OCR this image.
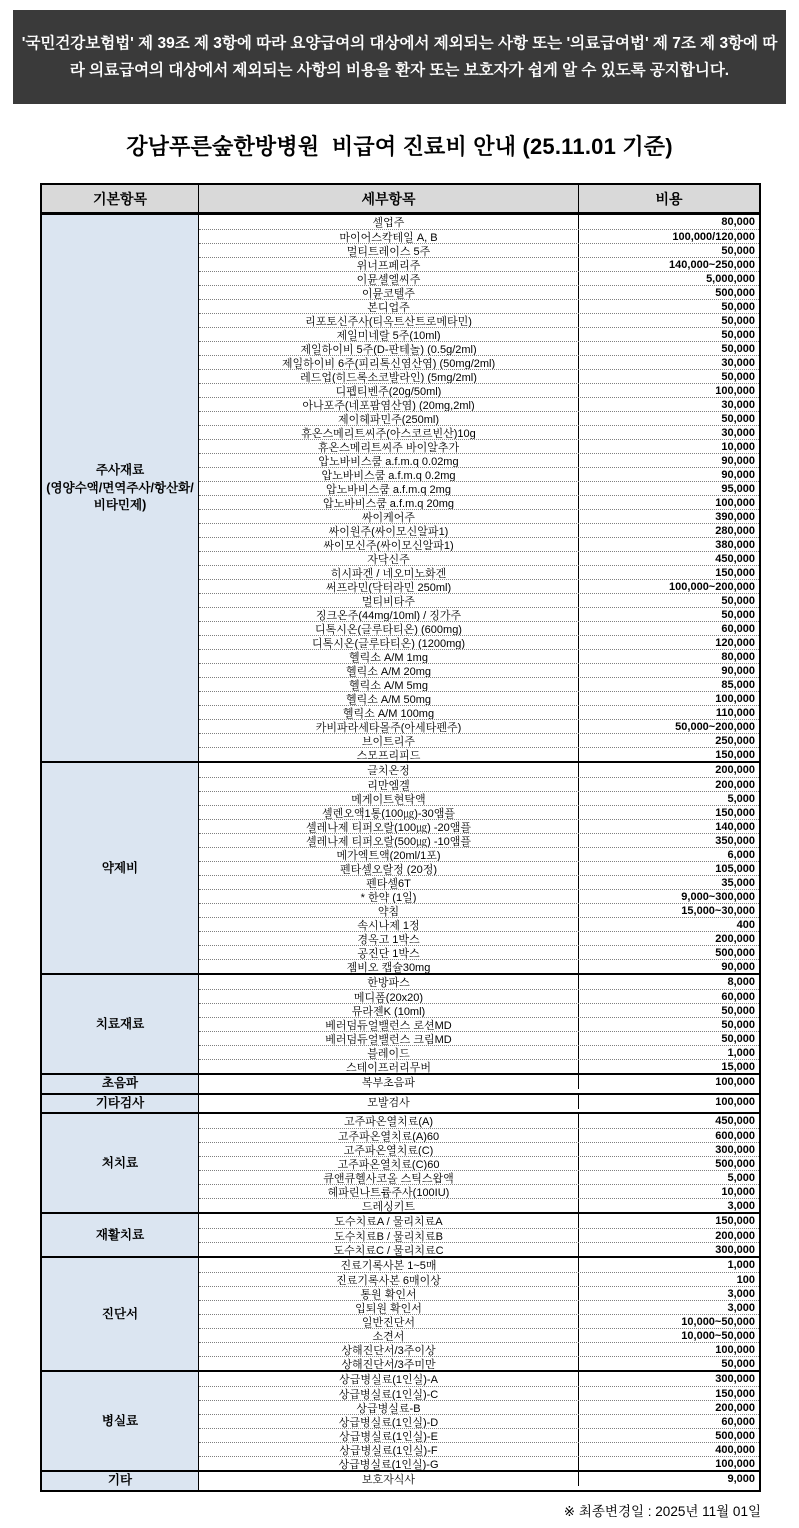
'국민건강보험법' 제 39조 제 3항에 따라 요양급여의 대상에서 제외되는 사항 또는 '의료급여법' 제 7조 제 3항에 따라 의료급여의 대상에서 제외되는 사항의 비용을 환자 또는 보호자가 쉽게 알 수 있도록 공지합니다.
강남푸른숲한방병원  비급여 진료비 안내 (25.11.01 기준)
기본항목	세부항목	비용
주사재료
(영양수액/면역주사/항산화/비타민제)
셀업주	80,000
마이어스칵테일 A, B	100,000/120,000
멀티트레이스 5주	50,000
위너프페리주	140,000~250,000
이뮨셀엘씨주	5,000,000
이뮨코텔주	500,000
본디업주	50,000
리포토신주사(티옥트산트로메타민)	50,000
제일미네랄 5주(10ml)	50,000
제일하이비 5주(D-판테놀) (0.5g/2ml)	50,000
제일하이비 6주(피리톡신염산염) (50mg/2ml)	30,000
레드업(히드록소코발라인) (5mg/2ml)	50,000
디펩티벤주(20g/50ml)	100,000
아나포주(네포팜염산염) (20mg,2ml)	30,000
제이헤파민주(250ml)	50,000
휴온스메리트씨주(아스코르빈산)10g	30,000
휴온스메리트씨주 바이알추가	10,000
압노바비스쿰 a.f.m.q 0.02mg	90,000
압노바비스쿰 a.f.m.q 0.2mg	90,000
압노바비스쿰 a.f.m.q 2mg	95,000
압노바비스쿰 a.f.m.q 20mg	100,000
싸이케어주	390,000
싸이원주(싸이모신알파1)	280,000
싸이모신주(싸이모신알파1)	380,000
자닥신주	450,000
히시파겐 / 네오미노화겐	150,000
써프라민(닥터라민 250ml)	100,000~200,000
멀티비타주	50,000
징크온주(44mg/10ml) / 징가주	50,000
디톡시온(글루타티온) (600mg)	60,000
디톡시온(글루타티온) (1200mg)	120,000
헬릭소 A/M 1mg	80,000
헬릭소 A/M 20mg	90,000
헬릭소 A/M 5mg	85,000
헬릭소 A/M 50mg	100,000
헬릭소 A/M 100mg	110,000
카비파라세타몰주(아세타펜주)	50,000~200,000
브이트리주	250,000
스모프리피드	150,000
약제비
글치온정	200,000
리만엠겔	200,000
메게이트현탁액	5,000
셀렌오액1통(100㎍)-30앰플	150,000
셀레나제 티퍼오랄(100㎍) -20앰플	140,000
셀레나제 티퍼오랄(500㎍) -10앰플	350,000
메가엑트액(20ml/1포)	6,000
펜타셀오랄정 (20정)	105,000
펜타셀6T	35,000
* 한약 (1일)	9,000~300,000
약침	15,000~30,000
속시나제 1정	400
경옥고 1박스	200,000
공진단 1박스	500,000
젬비오 캡슐30mg	90,000
치료재료
한방파스	8,000
메디폼(20x20)	60,000
뮤라젠K (10ml)	50,000
베러덤듀얼밸런스 로션MD	50,000
베러덤듀얼밸런스 크림MD	50,000
블레이드	1,000
스테이프러리무버	15,000
초음파	복부초음파	100,000
기타검사	모발검사	100,000
처치료
고주파온열치료(A)	450,000
고주파온열치료(A)60	600,000
고주파온열치료(C)	300,000
고주파온열치료(C)60	500,000
큐앤큐헬사코올 스틱스왑액	5,000
헤파린나트륨주사(100IU)	10,000
드레싱키트	3,000
재활치료
도수치료A / 물리치료A	150,000
도수치료B / 물리치료B	200,000
도수치료C / 물리치료C	300,000
진단서
진료기록사본 1~5매	1,000
진료기록사본 6매이상	100
통원 확인서	3,000
입퇴원 확인서	3,000
일반진단서	10,000~50,000
소견서	10,000~50,000
상해진단서/3주이상	100,000
상해진단서/3주미만	50,000
병실료
상급병실료(1인실)-A	300,000
상급병실료(1인실)-C	150,000
상급병실료-B	200,000
상급병실료(1인실)-D	60,000
상급병실료(1인실)-E	500,000
상급병실료(1인실)-F	400,000
상급병실료(1인실)-G	100,000
기타	보호자식사	9,000
※ 최종변경일 : 2025년 11월 01일
